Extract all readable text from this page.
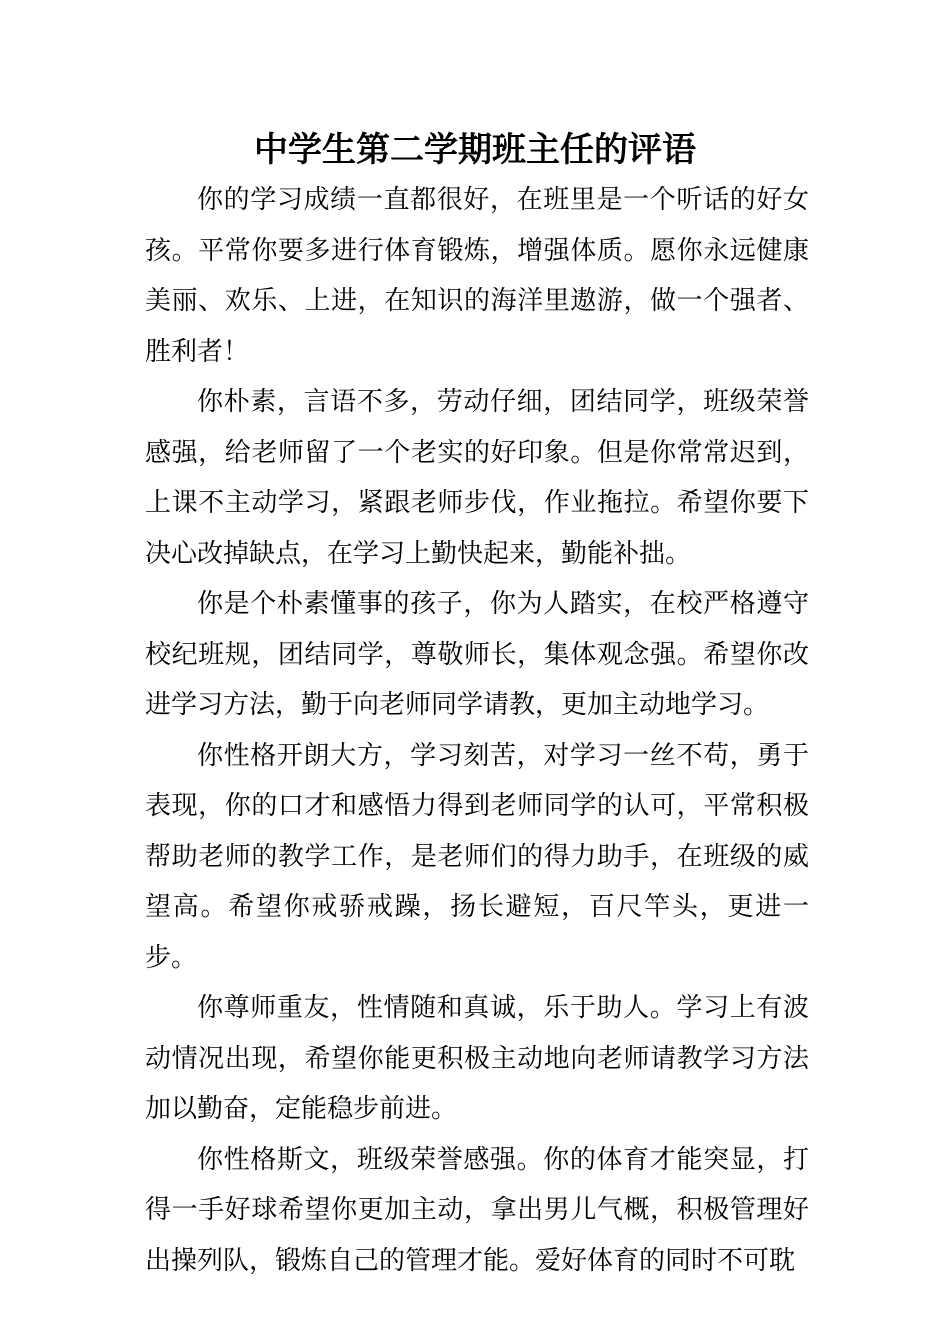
中学生第二学期班主任的评语

你的学习成绩一直都很好，在班里是一个听话的好女孩。平常你要多进行体育锻炼，增强体质。愿你永远健康美丽、欢乐、上进，在知识的海洋里遨游，做一个强者、胜利者！

你朴素，言语不多，劳动仔细，团结同学，班级荣誉感强，给老师留了一个老实的好印象。但是你常常迟到，上课不主动学习，紧跟老师步伐，作业拖拉。希望你要下决心改掉缺点，在学习上勤快起来，勤能补拙。

你是个朴素懂事的孩子，你为人踏实，在校严格遵守校纪班规，团结同学，尊敬师长，集体观念强。希望你改进学习方法，勤于向老师同学请教，更加主动地学习。

你性格开朗大方，学习刻苦，对学习一丝不苟，勇于表现，你的口才和感悟力得到老师同学的认可，平常积极帮助老师的教学工作，是老师们的得力助手，在班级的威望高。希望你戒骄戒躁，扬长避短，百尺竿头，更进一步。

你尊师重友，性情随和真诚，乐于助人。学习上有波动情况出现，希望你能更积极主动地向老师请教学习方法加以勤奋，定能稳步前进。

你性格斯文，班级荣誉感强。你的体育才能突显，打得一手好球希望你更加主动，拿出男儿气概，积极管理好出操列队，锻炼自己的管理才能。爱好体育的同时不可耽
